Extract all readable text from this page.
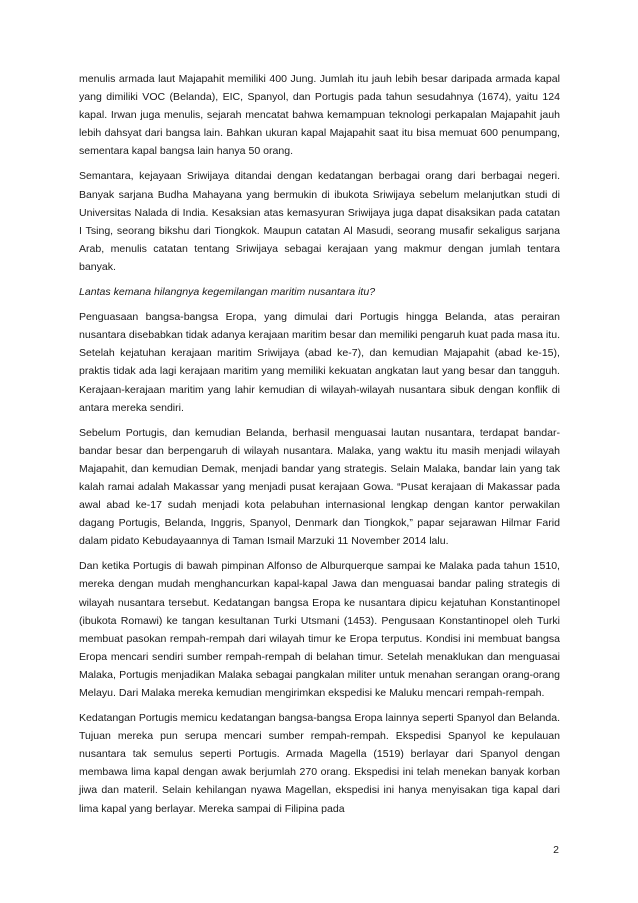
menulis armada laut Majapahit memiliki 400 Jung. Jumlah itu jauh lebih besar daripada armada kapal yang dimiliki VOC (Belanda), EIC, Spanyol, dan Portugis pada tahun sesudahnya (1674), yaitu 124 kapal. Irwan juga menulis, sejarah mencatat bahwa kemampuan teknologi perkapalan Majapahit jauh lebih dahsyat dari bangsa lain. Bahkan ukuran kapal Majapahit saat itu bisa memuat 600 penumpang, sementara kapal bangsa lain hanya 50 orang.

Semantara, kejayaan Sriwijaya ditandai dengan kedatangan berbagai orang dari berbagai negeri. Banyak sarjana Budha Mahayana yang bermukin di ibukota Sriwijaya sebelum melanjutkan studi di Universitas Nalada di India. Kesaksian atas kemasyuran Sriwijaya juga dapat disaksikan pada catatan I Tsing, seorang bikshu dari Tiongkok. Maupun catatan Al Masudi, seorang musafir sekaligus sarjana Arab, menulis catatan tentang Sriwijaya sebagai kerajaan yang makmur dengan jumlah tentara banyak.

Lantas kemana hilangnya kegemilangan maritim nusantara itu?

Penguasaan bangsa-bangsa Eropa, yang dimulai dari Portugis hingga Belanda, atas perairan nusantara disebabkan tidak adanya kerajaan maritim besar dan memiliki pengaruh kuat pada masa itu. Setelah kejatuhan kerajaan maritim Sriwijaya (abad ke-7), dan kemudian Majapahit (abad ke-15), praktis tidak ada lagi kerajaan maritim yang memiliki kekuatan angkatan laut yang besar dan tangguh. Kerajaan-kerajaan maritim yang lahir kemudian di wilayah-wilayah nusantara sibuk dengan konflik di antara mereka sendiri.

Sebelum Portugis, dan kemudian Belanda, berhasil menguasai lautan nusantara, terdapat bandar-bandar besar dan berpengaruh di wilayah nusantara. Malaka, yang waktu itu masih menjadi wilayah Majapahit, dan kemudian Demak, menjadi bandar yang strategis. Selain Malaka, bandar lain yang tak kalah ramai adalah Makassar yang menjadi pusat kerajaan Gowa. “Pusat kerajaan di Makassar pada awal abad ke-17 sudah menjadi kota pelabuhan internasional lengkap dengan kantor perwakilan dagang Portugis, Belanda, Inggris, Spanyol, Denmark dan Tiongkok,” papar sejarawan Hilmar Farid dalam pidato Kebudayaannya di Taman Ismail Marzuki 11 November 2014 lalu.

Dan ketika Portugis di bawah pimpinan Alfonso de Alburquerque sampai ke Malaka pada tahun 1510, mereka dengan mudah menghancurkan kapal-kapal Jawa dan menguasai bandar paling strategis di wilayah nusantara tersebut. Kedatangan bangsa Eropa ke nusantara dipicu kejatuhan Konstantinopel (ibukota Romawi) ke tangan kesultanan Turki Utsmani (1453). Pengusaan Konstantinopel oleh Turki membuat pasokan rempah-rempah dari wilayah timur ke Eropa terputus. Kondisi ini membuat bangsa Eropa mencari sendiri sumber rempah-rempah di belahan timur. Setelah menaklukan dan menguasai Malaka, Portugis menjadikan Malaka sebagai pangkalan militer untuk menahan serangan orang-orang Melayu. Dari Malaka mereka kemudian mengirimkan ekspedisi ke Maluku mencari rempah-rempah.

Kedatangan Portugis memicu kedatangan bangsa-bangsa Eropa lainnya seperti Spanyol dan Belanda. Tujuan mereka pun serupa mencari sumber rempah-rempah. Ekspedisi Spanyol ke kepulauan nusantara tak semulus seperti Portugis. Armada Magella (1519) berlayar dari Spanyol dengan membawa lima kapal dengan awak berjumlah 270 orang. Ekspedisi ini telah menekan banyak korban jiwa dan materil. Selain kehilangan nyawa Magellan, ekspedisi ini hanya menyisakan tiga kapal dari lima kapal yang berlayar. Mereka sampai di Filipina pada

2
